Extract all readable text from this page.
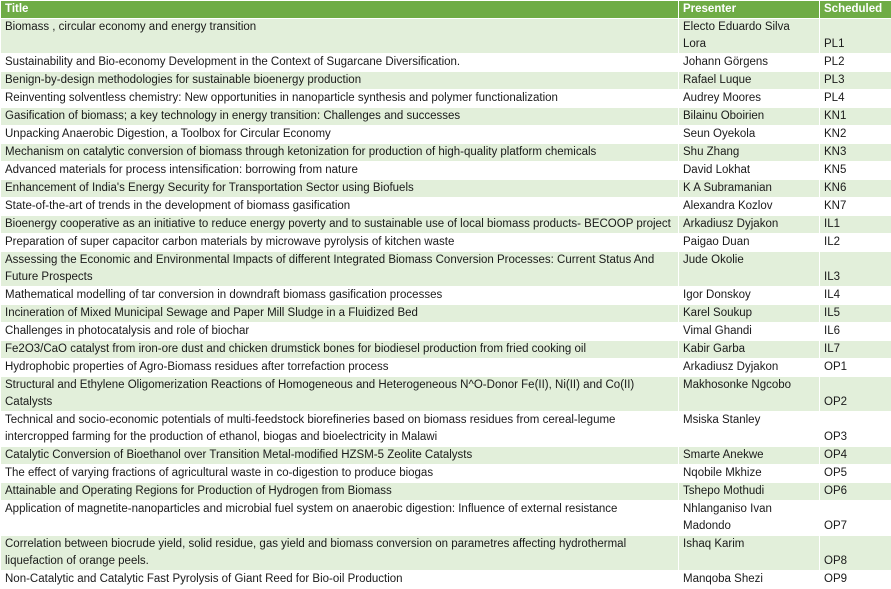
Title	Presenter	Scheduled
Biomass , circular economy and energy transition	Electo Eduardo Silva Lora	PL1
Sustainability and Bio-economy Development in the Context of Sugarcane Diversification.	Johann Görgens	PL2
Benign-by-design methodologies for sustainable bioenergy production	Rafael Luque	PL3
Reinventing solventless chemistry: New opportunities in nanoparticle synthesis and polymer functionalization	Audrey Moores	PL4
Gasification of biomass; a key technology in energy transition: Challenges and successes	Bilainu Oboirien	KN1
Unpacking Anaerobic Digestion, a Toolbox for Circular Economy	Seun Oyekola	KN2
Mechanism on catalytic conversion of biomass through ketonization for production of high-quality platform chemicals	Shu Zhang	KN3
Advanced materials for process intensification: borrowing from nature	David Lokhat	KN5
Enhancement of India's Energy Security for Transportation Sector using Biofuels	K A Subramanian	KN6
State-of-the-art of trends in the development of biomass gasification	Alexandra Kozlov	KN7
Bioenergy cooperative as an initiative to reduce energy poverty and to sustainable use of local biomass products- BECOOP project	Arkadiusz Dyjakon	IL1
Preparation of super capacitor carbon materials by microwave pyrolysis of kitchen waste	Paigao Duan	IL2
Assessing the Economic and Environmental Impacts of different Integrated Biomass Conversion Processes: Current Status And Future Prospects	Jude Okolie	IL3
Mathematical modelling of tar conversion in downdraft biomass gasification processes	Igor Donskoy	IL4
Incineration of Mixed Municipal Sewage and Paper Mill Sludge in a Fluidized Bed	Karel Soukup	IL5
Challenges in photocatalysis and role of biochar	Vimal Ghandi	IL6
Fe2O3/CaO catalyst from iron-ore dust and chicken drumstick bones for biodiesel production from fried cooking oil	Kabir Garba	IL7
Hydrophobic properties of Agro-Biomass residues after torrefaction process	Arkadiusz Dyjakon	OP1
Structural and Ethylene Oligomerization Reactions of Homogeneous and Heterogeneous N^O-Donor Fe(II), Ni(II) and Co(II) Catalysts	Makhosonke Ngcobo	OP2
Technical and socio-economic potentials of multi-feedstock biorefineries based on biomass residues from cereal-legume intercropped farming for the production of ethanol, biogas and bioelectricity in Malawi	Msiska Stanley	OP3
Catalytic Conversion of Bioethanol over Transition Metal-modified HZSM-5 Zeolite Catalysts	Smarte Anekwe	OP4
The effect of varying fractions of agricultural waste in co-digestion to produce biogas	Nqobile Mkhize	OP5
Attainable and Operating Regions for Production of Hydrogen from Biomass	Tshepo Mothudi	OP6
Application of magnetite-nanoparticles and microbial fuel system on anaerobic digestion: Influence of external resistance	Nhlanganiso Ivan Madondo	OP7
Correlation between biocrude yield, solid residue, gas yield and biomass conversion on parametres affecting hydrothermal liquefaction of orange peels.	Ishaq Karim	OP8
Non-Catalytic and Catalytic Fast Pyrolysis of Giant Reed for Bio-oil Production	Manqoba Shezi	OP9
